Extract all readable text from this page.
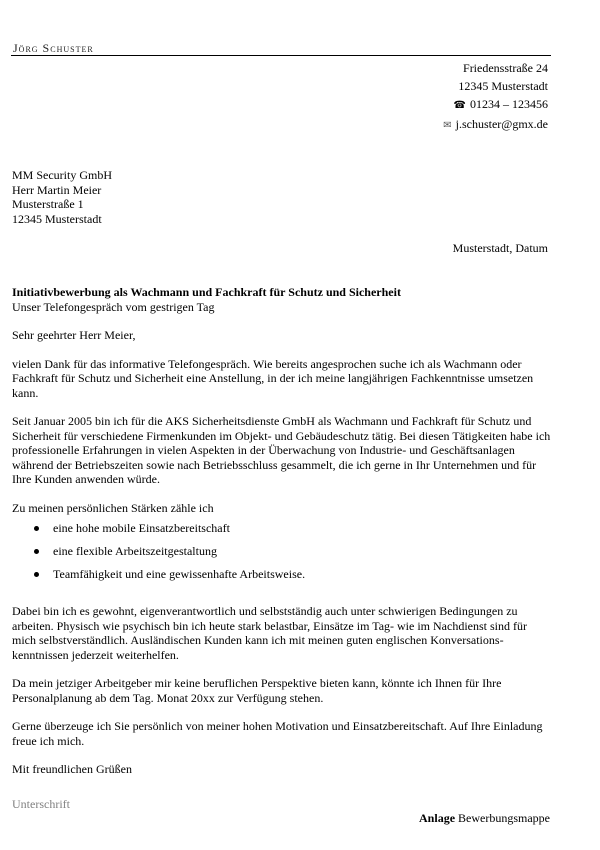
Jörg Schuster
Friedensstraße 24
12345 Musterstadt
☎ 01234 – 123456
✉ j.schuster@gmx.de
MM Security GmbH
Herr Martin Meier
Musterstraße 1
12345 Musterstadt
Musterstadt, Datum
Initiativbewerbung als Wachmann und Fachkraft für Schutz und Sicherheit
Unser Telefongespräch vom gestrigen Tag

Sehr geehrter Herr Meier,

vielen Dank für das informative Telefongespräch. Wie bereits angesprochen suche ich als Wachmann oder Fachkraft für Schutz und Sicherheit eine Anstellung, in der ich meine langjährigen Fachkenntnisse umsetzen kann.

Seit Januar 2005 bin ich für die AKS Sicherheitsdienste GmbH als Wachmann und Fachkraft für Schutz und Sicherheit für verschiedene Firmenkunden im Objekt- und Gebäudeschutz tätig. Bei diesen Tätigkeiten habe ich professionelle Erfahrungen in vielen Aspekten in der Überwachung von Industrie- und Geschäftsanlagen während der Betriebszeiten sowie nach Betriebsschluss gesammelt, die ich gerne in Ihr Unternehmen und für Ihre Kunden anwenden würde.

Zu meinen persönlichen Stärken zähle ich

eine hohe mobile Einsatzbereitschaft
eine flexible Arbeitszeitgestaltung
Teamfähigkeit und eine gewissenhafte Arbeitsweise.

Dabei bin ich es gewohnt, eigenverantwortlich und selbstständig auch unter schwierigen Bedingungen zu arbeiten. Physisch wie psychisch bin ich heute stark belastbar, Einsätze im Tag- wie im Nachdienst sind für mich selbstverständlich. Ausländischen Kunden kann ich mit meinen guten englischen Konversations-kenntnissen jederzeit weiterhelfen.

Da mein jetziger Arbeitgeber mir keine beruflichen Perspektive bieten kann, könnte ich Ihnen für Ihre Personalplanung ab dem Tag. Monat 20xx zur Verfügung stehen.

Gerne überzeuge ich Sie persönlich von meiner hohen Motivation und Einsatzbereitschaft. Auf Ihre Einladung freue ich mich.

Mit freundlichen Grüßen

Unterschrift
Anlage Bewerbungsmappe
